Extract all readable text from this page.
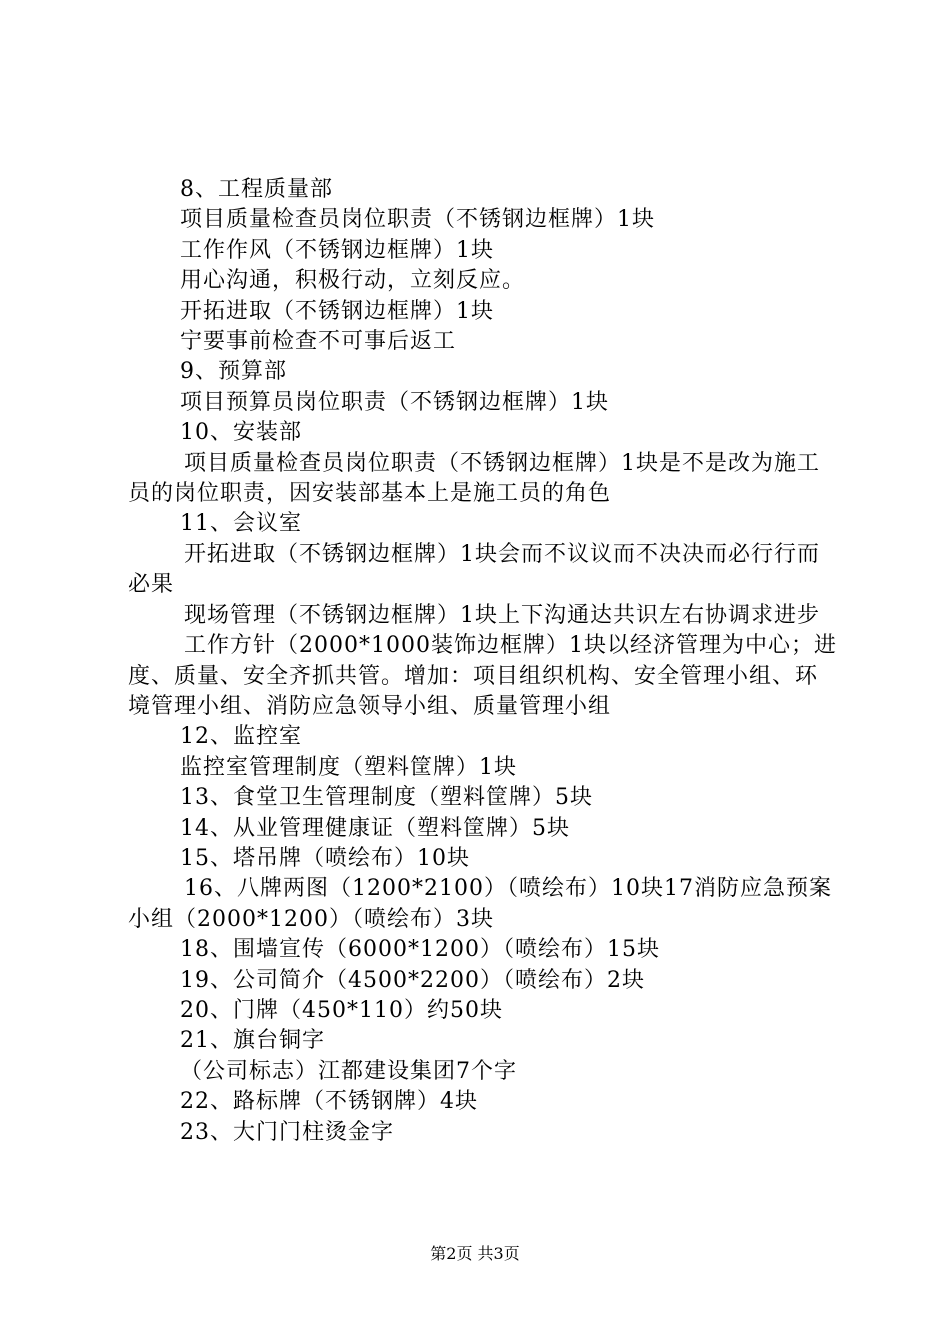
8、工程质量部

项目质量检查员岗位职责（不锈钢边框牌）1块

工作作风（不锈钢边框牌）1块

用心沟通，积极行动，立刻反应。

开拓进取（不锈钢边框牌）1块

宁要事前检查不可事后返工

9、预算部

项目预算员岗位职责（不锈钢边框牌）1块

10、安装部

项目质量检查员岗位职责（不锈钢边框牌）1块是不是改为施工员的岗位职责，因安装部基本上是施工员的角色

11、会议室

开拓进取（不锈钢边框牌）1块会而不议议而不决决而必行行而必果

现场管理（不锈钢边框牌）1块上下沟通达共识左右协调求进步

工作方针（2000*1000装饰边框牌）1块以经济管理为中心；进度、质量、安全齐抓共管。增加：项目组织机构、安全管理小组、环境管理小组、消防应急领导小组、质量管理小组

12、监控室

监控室管理制度（塑料筐牌）1块

13、食堂卫生管理制度（塑料筐牌）5块

14、从业管理健康证（塑料筐牌）5块

15、塔吊牌（喷绘布）10块

16、八牌两图（1200*2100）（喷绘布）10块17消防应急预案小组（2000*1200）（喷绘布）3块

18、围墙宣传（6000*1200）（喷绘布）15块

19、公司简介（4500*2200）（喷绘布）2块

20、门牌（450*110）约50块

21、旗台铜字

（公司标志）江都建设集团7个字

22、路标牌（不锈钢牌）4块

23、大门门柱烫金字

第2页 共3页
